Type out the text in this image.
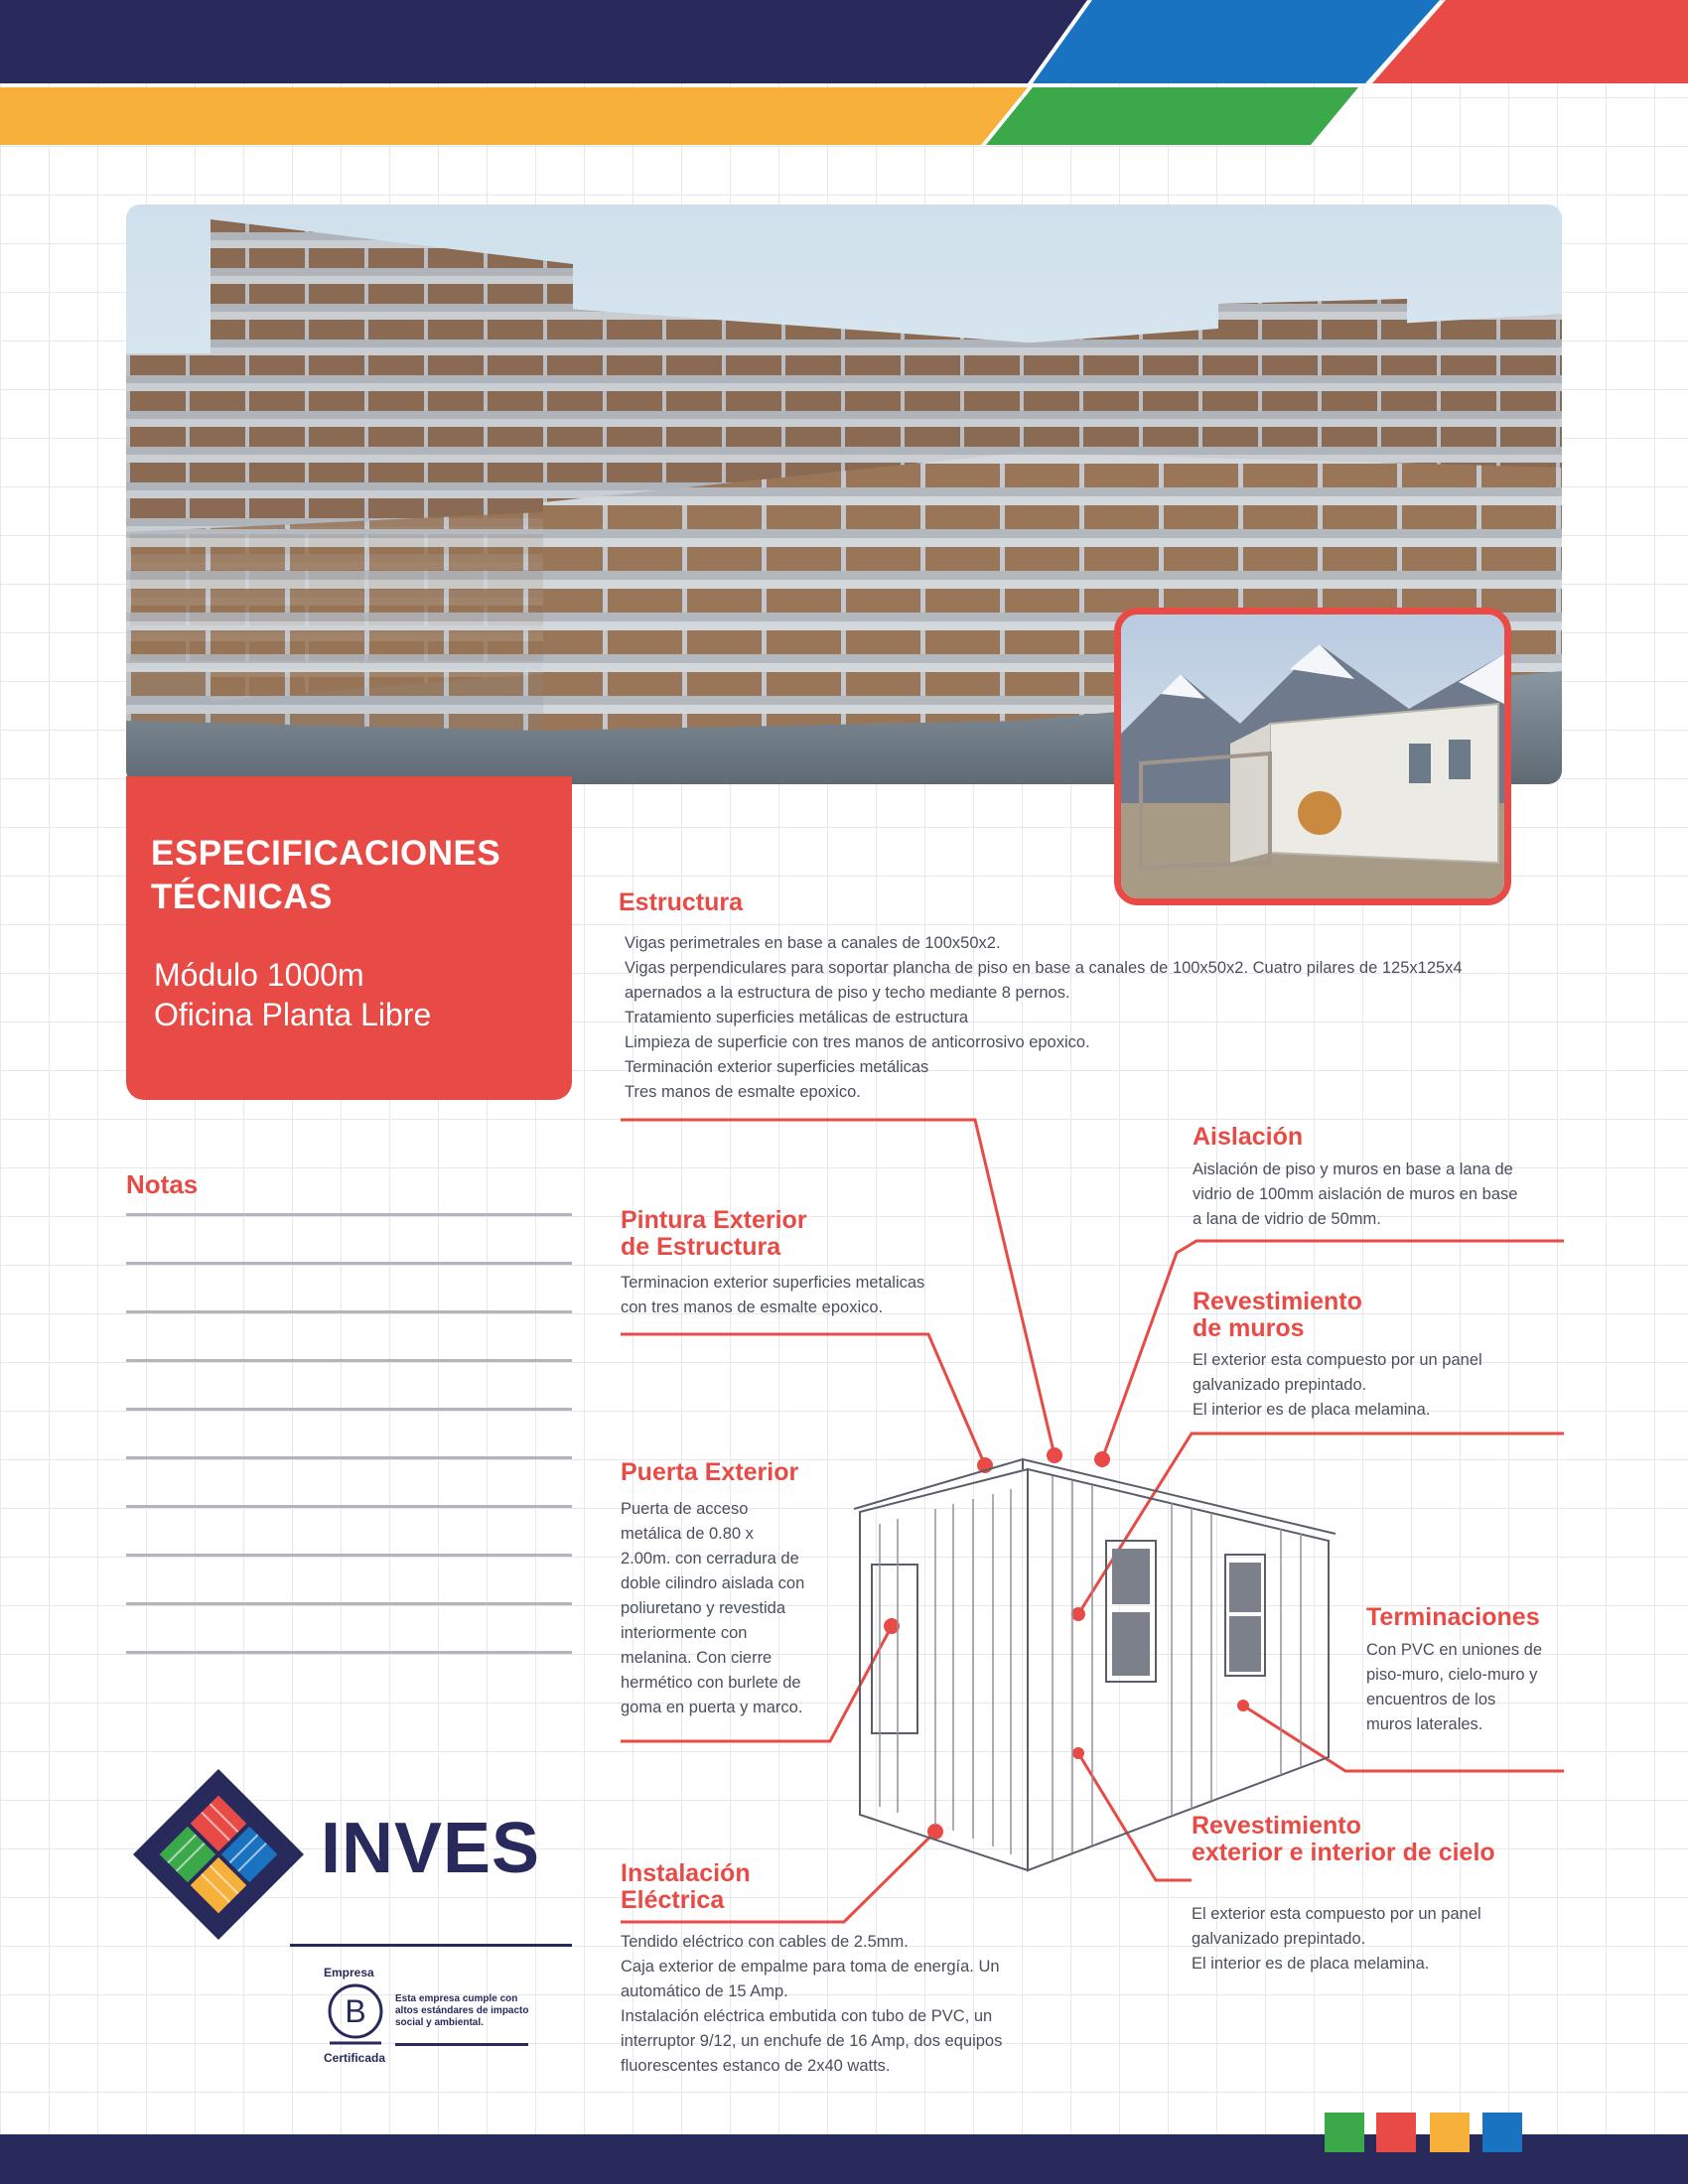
ESPECIFICACIONES
TÉCNICAS
Módulo 1000m
Oficina Planta Libre
Notas
Estructura
Vigas perimetrales en base a canales de 100x50x2.
Vigas perpendiculares para soportar plancha de piso en base a canales de 100x50x2. Cuatro pilares de 125x125x4
apernados a la estructura de piso y techo mediante 8 pernos.
Tratamiento superficies metálicas de estructura
Limpieza de superficie con tres manos de anticorrosivo epoxico.
Terminación exterior superficies metálicas
Tres manos de esmalte epoxico.
Aislación
Aislación de piso y muros en base a lana de
vidrio de 100mm aislación de muros en base
a lana de vidrio de 50mm.
Pintura Exterior
de Estructura
Terminacion exterior superficies metalicas
con tres manos de esmalte epoxico.	Revestimiento
de muros
El exterior esta compuesto por un panel
galvanizado prepintado.
El interior es de placa melamina.
Puerta Exterior
Puerta de acceso
metálica de 0.80 x
2.00m. con cerradura de
doble cilindro aislada con
poliuretano y revestida
interiormente con
melanina. Con cierre
hermético con burlete de
goma en puerta y marco.
Terminaciones
Con PVC en uniones de
piso-muro, cielo-muro y
encuentros de los
muros laterales.
Revestimiento
exterior e interior de cielo
El exterior esta compuesto por un panel
galvanizado prepintado.
El interior es de placa melamina.
Instalación
Eléctrica
Tendido eléctrico con cables de 2.5mm.
Caja exterior de empalme para toma de energía. Un
automático de 15 Amp.
Instalación eléctrica embutida con tubo de PVC, un
interruptor 9/12, un enchufe de 16 Amp, dos equipos
fluorescentes estanco de 2x40 watts.
INVES
Empresa
B
Certificada
Esta empresa cumple con
altos estándares de impacto
social y ambiental.
